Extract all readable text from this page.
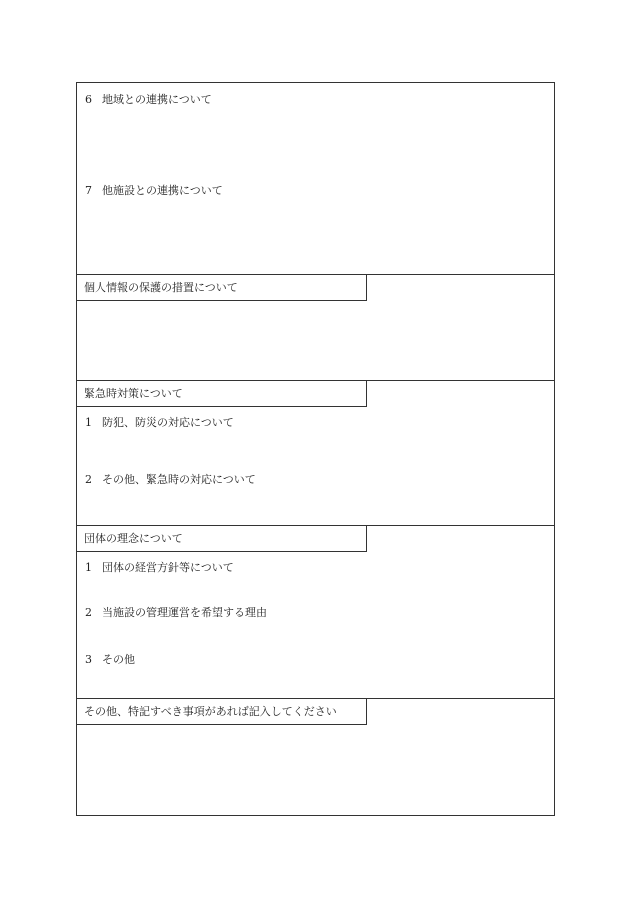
6 地域との連携について
7 他施設との連携について
個人情報の保護の措置について
緊急時対策について
1 防犯、防災の対応について
2 その他、緊急時の対応について
団体の理念について
1 団体の経営方針等について
2 当施設の管理運営を希望する理由
3 その他
その他、特記すべき事項があれば記入してください
